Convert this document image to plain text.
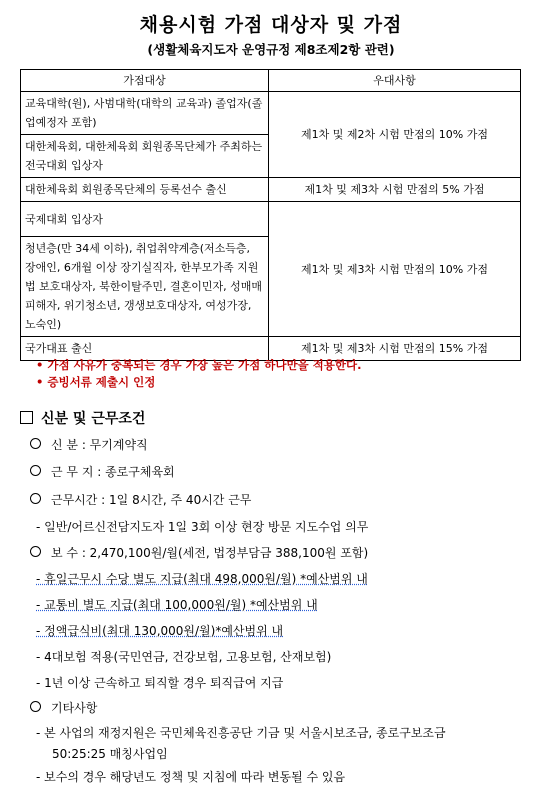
채용시험 가점 대상자 및 가점
(생활체육지도자 운영규정 제8조제2항 관련)
가점대상	우대사항
교육대학(원), 사범대학(대학의 교육과) 졸업자(졸업예정자 포함)	제1차 및 제2차 시험 만점의 10% 가점
대한체육회, 대한체육회 회원종목단체가 주최하는 전국대회 입상자	
대한체육회 회원종목단체의 등록선수 출신	제1차 및 제3차 시험 만점의 5% 가점
국제대회 입상자	제1차 및 제3차 시험 만점의 10% 가점
청년층(만 34세 이하), 취업취약계층(저소득층, 장애인, 6개월 이상 장기실직자, 한부모가족 지원법 보호대상자, 북한이탈주민, 결혼이민자, 성매매피해자, 위기청소년, 갱생보호대상자, 여성가장, 노숙인)	
국가대표 출신	제1차 및 제3차 시험 만점의 15% 가점
• 가점 사유가 중복되는 경우 가장 높은 가점 하나만을 적용한다.
• 증빙서류 제출시 인정
신분 및 근무조건
신 분 : 무기계약직
근 무 지 : 종로구체육회
근무시간 : 1일 8시간, 주 40시간 근무
- 일반/어르신전담지도자 1일 3회 이상 현장 방문 지도수업 의무
보 수 : 2,470,100원/월(세전, 법정부담금 388,100원 포함)
- 휴일근무시 수당 별도 지급(최대 498,000원/월) *예산범위 내
- 교통비 별도 지급(최대 100,000원/월) *예산범위 내
- 정액급식비(최대 130,000원/월)*예산범위 내
- 4대보험 적용(국민연금, 건강보험, 고용보험, 산재보험)
- 1년 이상 근속하고 퇴직할 경우 퇴직급여 지급
기타사항
- 본 사업의 재정지원은 국민체육진흥공단 기금 및 서울시보조금, 종로구보조금
50:25:25 매칭사업임
- 보수의 경우 해당년도 정책 및 지침에 따라 변동될 수 있음
